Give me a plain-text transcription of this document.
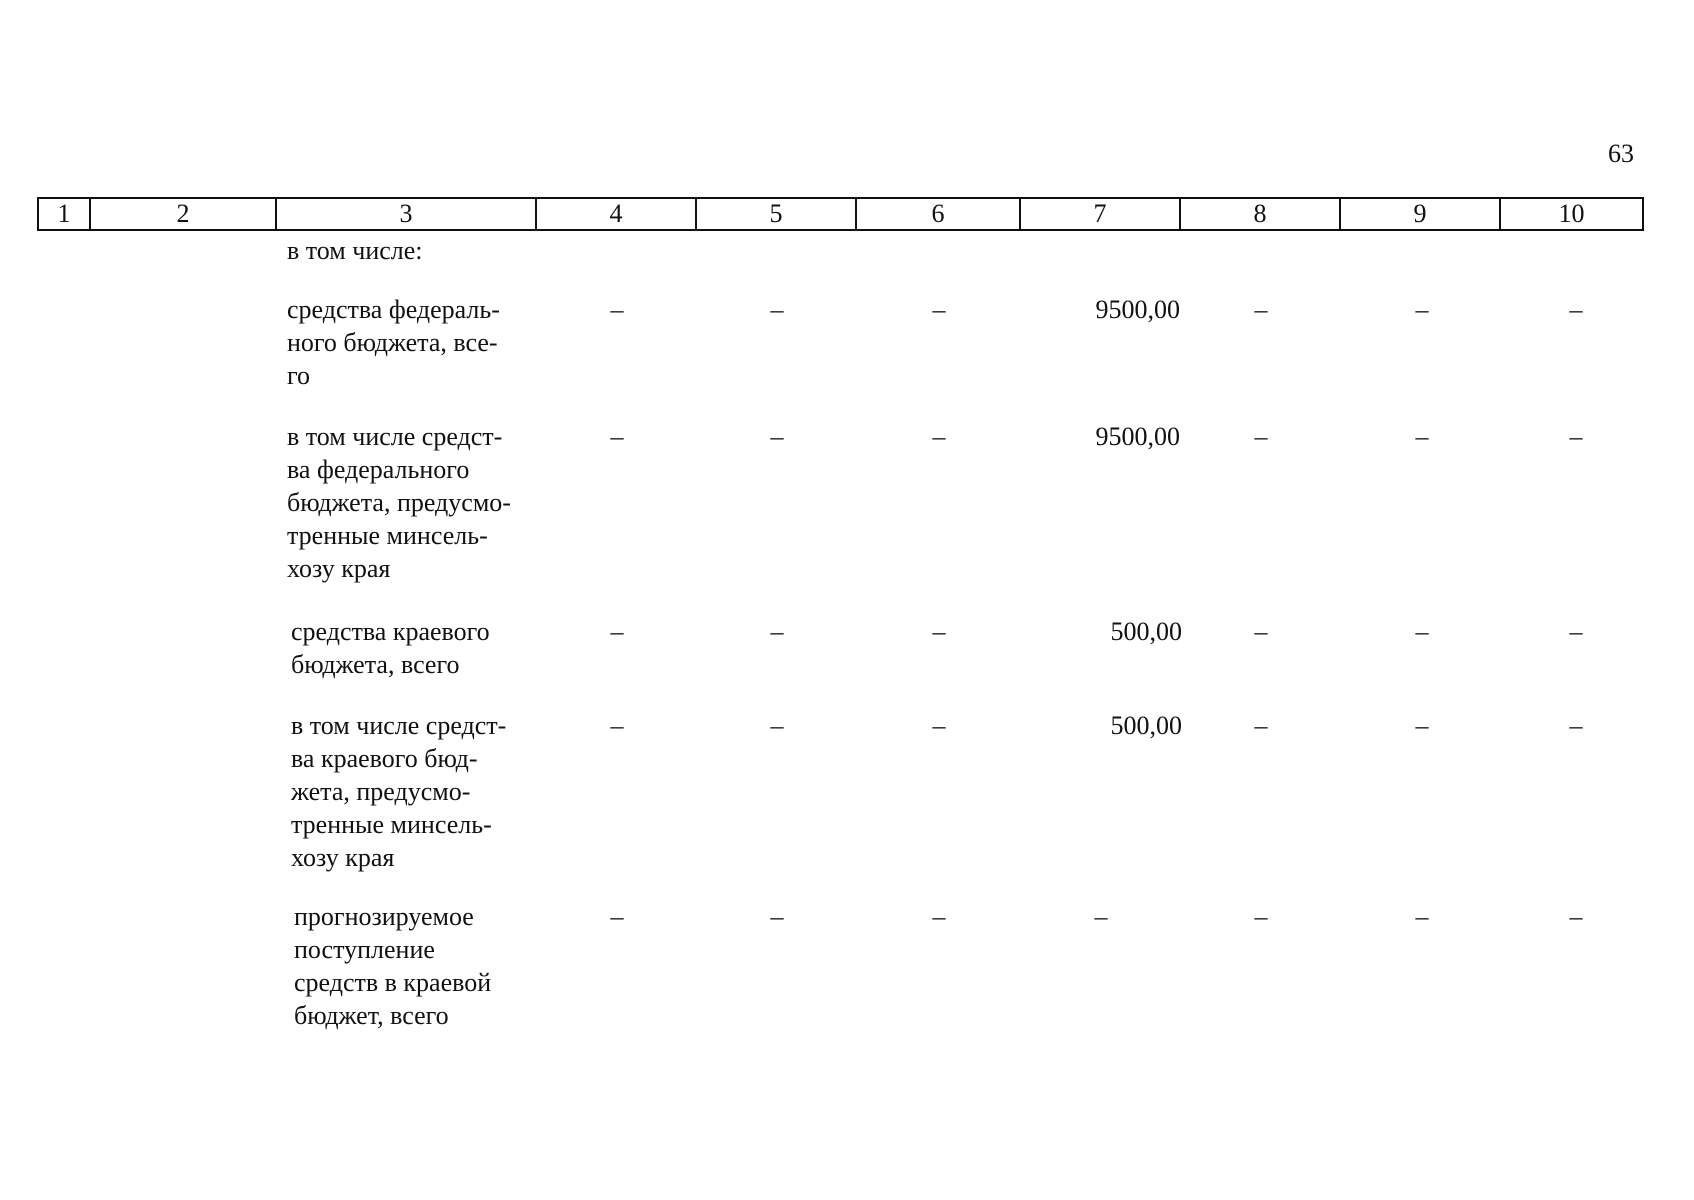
63
1	2	3	4	5	6	7	8	9	10
в том числе:
средства федераль-
ного бюджета, все-
го
–	–	–	9500,00	–	–	–
в том числе средст-
ва федерального
бюджета, предусмо-
тренные минсель-
хозу края
–	–	–	9500,00	–	–	–
средства краевого
бюджета, всего
–	–	–	500,00	–	–	–
в том числе средст-
ва краевого бюд-
жета, предусмо-
тренные минсель-
хозу края
–	–	–	500,00	–	–	–
прогнозируемое
поступление
средств в краевой
бюджет, всего
–	–	–	–	–	–	–
